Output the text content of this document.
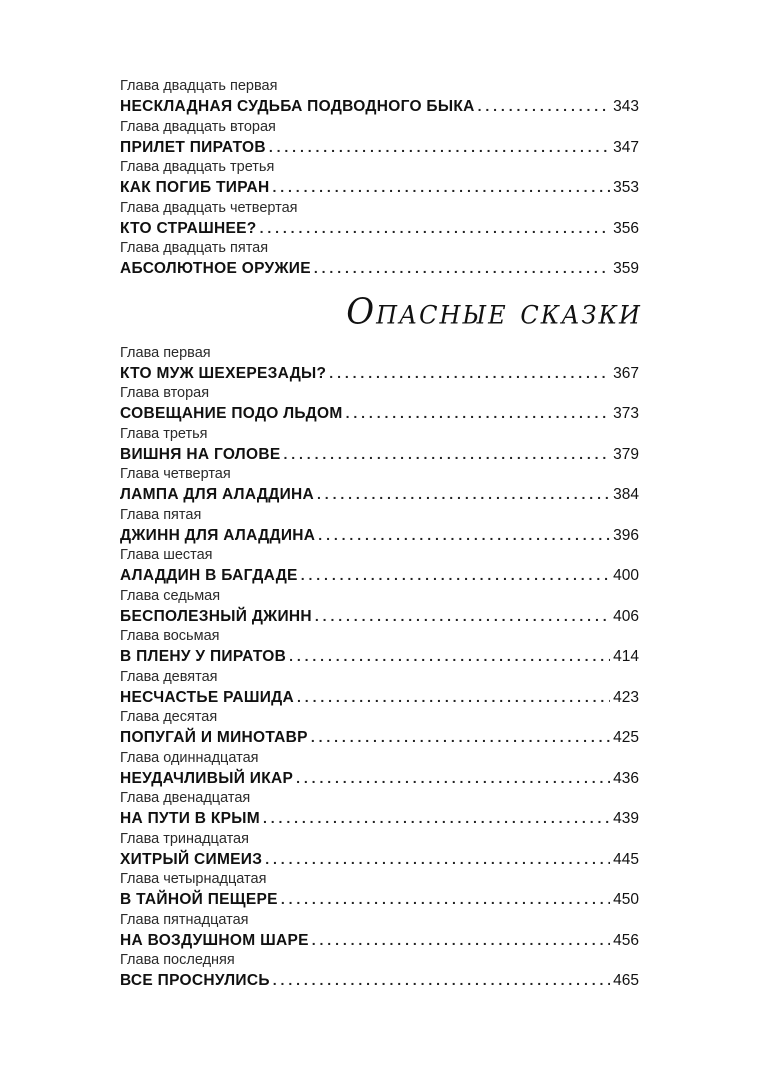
Глава двадцать первая
НЕСКЛАДНАЯ СУДЬБА ПОДВОДНОГО БЫКА . . .	343
Глава двадцать вторая
ПРИЛЕТ ПИРАТОВ . . .	347
Глава двадцать третья
КАК ПОГИБ ТИРАН . . .	353
Глава двадцать четвертая
КТО СТРАШНЕЕ? . . .	356
Глава двадцать пятая
АБСОЛЮТНОЕ ОРУЖИЕ . . .	359
Опасные сказки
Глава первая
КТО МУЖ ШЕХЕРЕЗАДЫ? . . .	367
Глава вторая
СОВЕЩАНИЕ ПОДО ЛЬДОМ . . .	373
Глава третья
ВИШНЯ НА ГОЛОВЕ . . .	379
Глава четвертая
ЛАМПА ДЛЯ АЛАДДИНА . . .	384
Глава пятая
ДЖИНН ДЛЯ АЛАДДИНА . . .	396
Глава шестая
АЛАДДИН В БАГДАДЕ . . .	400
Глава седьмая
БЕСПОЛЕЗНЫЙ ДЖИНН . . .	406
Глава восьмая
В ПЛЕНУ У ПИРАТОВ . . .	414
Глава девятая
НЕСЧАСТЬЕ РАШИДА . . .	423
Глава десятая
ПОПУГАЙ И МИНОТАВР . . .	425
Глава одиннадцатая
НЕУДАЧЛИВЫЙ ИКАР . . .	436
Глава двенадцатая
НА ПУТИ В КРЫМ . . .	439
Глава тринадцатая
ХИТРЫЙ СИМЕИЗ . . .	445
Глава четырнадцатая
В ТАЙНОЙ ПЕЩЕРЕ . . .	450
Глава пятнадцатая
НА ВОЗДУШНОМ ШАРЕ . . .	456
Глава последняя
ВСЕ ПРОСНУЛИСЬ . . .	465
